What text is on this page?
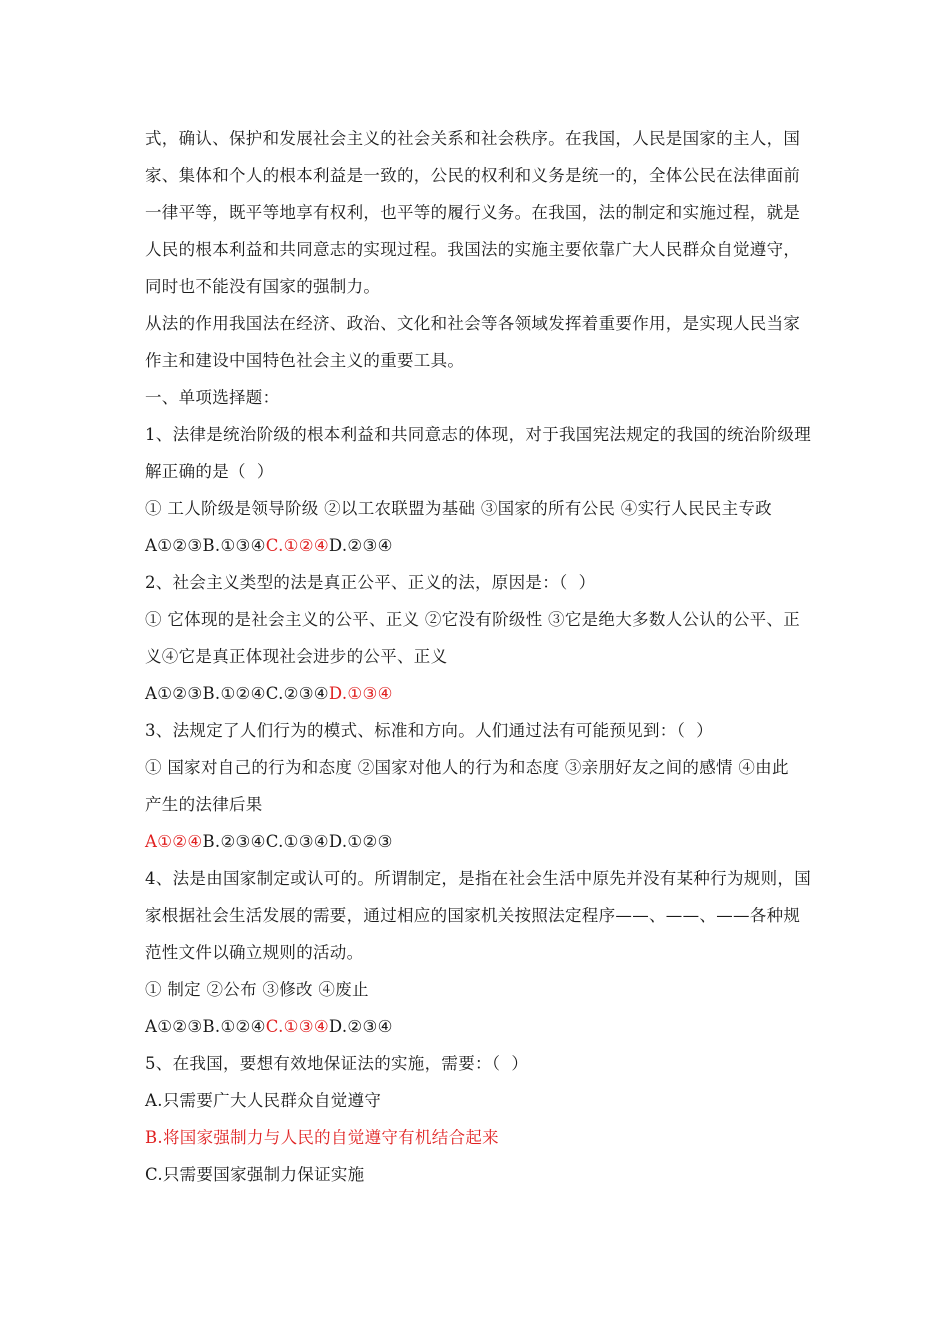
式，确认、保护和发展社会主义的社会关系和社会秩序。在我国，人民是国家的主人，国
家、集体和个人的根本利益是一致的，公民的权利和义务是统一的，全体公民在法律面前
一律平等，既平等地享有权利，也平等的履行义务。在我国，法的制定和实施过程，就是
人民的根本利益和共同意志的实现过程。我国法的实施主要依靠广大人民群众自觉遵守，
同时也不能没有国家的强制力。
从法的作用我国法在经济、政治、文化和社会等各领域发挥着重要作用，是实现人民当家
作主和建设中国特色社会主义的重要工具。
一、单项选择题：
1、法律是统治阶级的根本利益和共同意志的体现，对于我国宪法规定的我国的统治阶级理
解正确的是（  ）
① 工人阶级是领导阶级 ②以工农联盟为基础 ③国家的所有公民 ④实行人民民主专政
A①②③B.①③④C.①②④D.②③④
2、社会主义类型的法是真正公平、正义的法，原因是：（  ）
① 它体现的是社会主义的公平、正义 ②它没有阶级性 ③它是绝大多数人公认的公平、正
义④它是真正体现社会进步的公平、正义
A①②③B.①②④C.②③④D.①③④
3、法规定了人们行为的模式、标准和方向。人们通过法有可能预见到：（  ）
① 国家对自己的行为和态度 ②国家对他人的行为和态度 ③亲朋好友之间的感情 ④由此
产生的法律后果
A①②④B.②③④C.①③④D.①②③
4、法是由国家制定或认可的。所谓制定，是指在社会生活中原先并没有某种行为规则，国
家根据社会生活发展的需要，通过相应的国家机关按照法定程序——、——、——各种规
范性文件以确立规则的活动。
① 制定 ②公布 ③修改 ④废止
A①②③B.①②④C.①③④D.②③④
5、在我国，要想有效地保证法的实施，需要：（  ）
A.只需要广大人民群众自觉遵守
B.将国家强制力与人民的自觉遵守有机结合起来
C.只需要国家强制力保证实施
